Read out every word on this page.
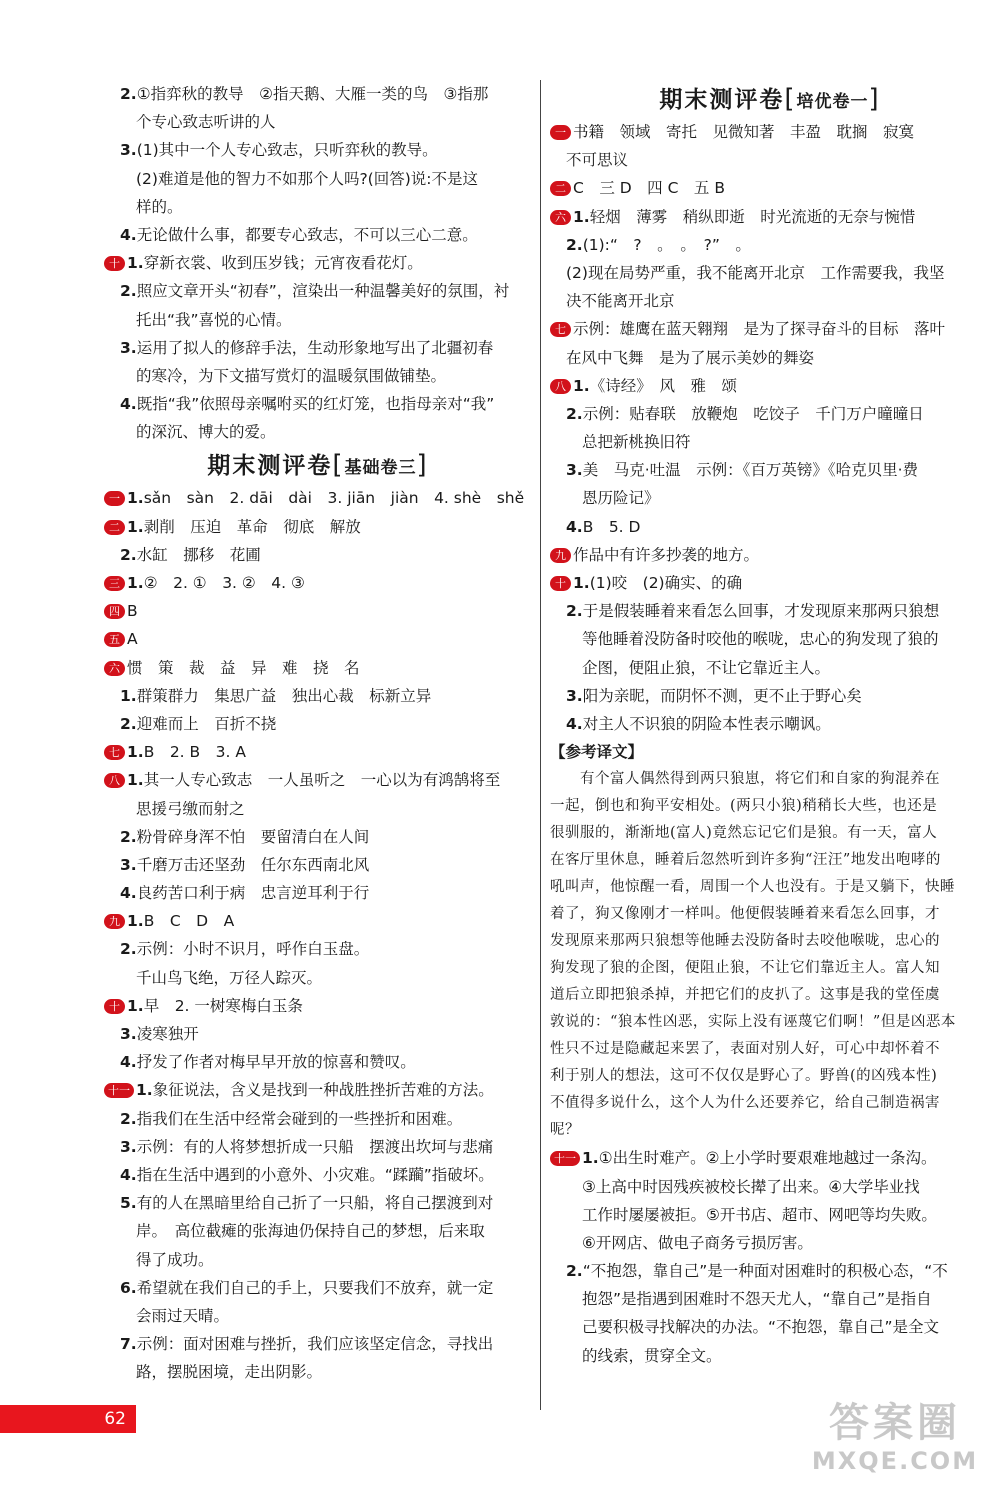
2.①指弈秋的教导　②指天鹅、大雁一类的鸟　③指那
个专心致志听讲的人
3.(1)其中一个人专心致志，只听弈秋的教导。
(2)难道是他的智力不如那个人吗?(回答)说:不是这
样的。
4.无论做什么事，都要专心致志，不可以三心二意。
十 1.穿新衣裳、收到压岁钱；元宵夜看花灯。
2.照应文章开头“初春”，渲染出一种温馨美好的氛围，衬
托出“我”喜悦的心情。
3.运用了拟人的修辞手法，生动形象地写出了北疆初春
的寒冷，为下文描写赏灯的温暖氛围做铺垫。
4.既指“我”依照母亲嘱咐买的红灯笼，也指母亲对“我”
的深沉、博大的爱。
期末测评卷[基础卷三]
一 1.sǎn　sàn　2. dāi　dài　3. jiān　jiàn　4. shè　shě
二 1.剥削　压迫　革命　彻底　解放
2.水缸　挪移　花圃
三 1.②　2. ①　3. ②　4. ③
四 B
五 A
六 惯　策　裁　益　异　难　挠　名
1.群策群力　集思广益　独出心裁　标新立异
2.迎难而上　百折不挠
七 1.B　2. B　3. A
八 1.其一人专心致志　一人虽听之　一心以为有鸿鹄将至
思援弓缴而射之
2.粉骨碎身浑不怕　要留清白在人间
3.千磨万击还坚劲　任尔东西南北风
4.良药苦口利于病　忠言逆耳利于行
九 1.B　C　D　A
2.示例：小时不识月，呼作白玉盘。
千山鸟飞绝，万径人踪灭。
十 1.早　2. 一树寒梅白玉条
3.凌寒独开
4.抒发了作者对梅早早开放的惊喜和赞叹。
十一 1.象征说法，含义是找到一种战胜挫折苦难的方法。
2.指我们在生活中经常会碰到的一些挫折和困难。
3.示例：有的人将梦想折成一只船　摆渡出坎坷与悲痛
4.指在生活中遇到的小意外、小灾难。“蹂躏”指破坏。
5.有的人在黑暗里给自己折了一只船，将自己摆渡到对
岸。　高位截瘫的张海迪仍保持自己的梦想，后来取
得了成功。
6.希望就在我们自己的手上，只要我们不放弃，就一定
会雨过天晴。
7.示例：面对困难与挫折，我们应该坚定信念，寻找出
路，摆脱困境，走出阴影。
期末测评卷[培优卷一]
一 书籍　领域　寄托　见微知著　丰盈　耽搁　寂寞
不可思议
二 C　三 D　四 C　五 B
六 1.轻烟　薄雾　稍纵即逝　时光流逝的无奈与惋惜
2.(1):“　?　。　。　?”　。
(2)现在局势严重，我不能离开北京　工作需要我，我坚
决不能离开北京
七 示例：雄鹰在蓝天翱翔　是为了探寻奋斗的目标　落叶
在风中飞舞　是为了展示美妙的舞姿
八 1.《诗经》　风　雅　颂
2.示例：贴春联　放鞭炮　吃饺子　千门万户曈曈日
总把新桃换旧符
3.美　马克·吐温　示例：《百万英镑》《哈克贝里·费
恩历险记》
4.B　5. D
九 作品中有许多抄袭的地方。
十 1.(1)咬　(2)确实、的确
2.于是假装睡着来看怎么回事，才发现原来那两只狼想
等他睡着没防备时咬他的喉咙，忠心的狗发现了狼的
企图，便阻止狼，不让它靠近主人。
3.阳为亲昵，而阴怀不测，更不止于野心矣
4.对主人不识狼的阴险本性表示嘲讽。
【参考译文】
　　有个富人偶然得到两只狼崽，将它们和自家的狗混养在
一起，倒也和狗平安相处。(两只小狼)稍稍长大些，也还是
很驯服的，渐渐地(富人)竟然忘记它们是狼。有一天，富人
在客厅里休息，睡着后忽然听到许多狗“汪汪”地发出咆哮的
吼叫声，他惊醒一看，周围一个人也没有。于是又躺下，快睡
着了，狗又像刚才一样叫。他便假装睡着来看怎么回事，才
发现原来那两只狼想等他睡去没防备时去咬他喉咙，忠心的
狗发现了狼的企图，便阻止狼，不让它们靠近主人。富人知
道后立即把狼杀掉，并把它们的皮扒了。这事是我的堂侄虞
敦说的：“狼本性凶恶，实际上没有诬蔑它们啊！”但是凶恶本
性只不过是隐藏起来罢了，表面对别人好，可心中却怀着不
利于别人的想法，这可不仅仅是野心了。野兽(的凶残本性)
不值得多说什么，这个人为什么还要养它，给自己制造祸害
呢？
十一 1.①出生时难产。②上小学时要艰难地越过一条沟。
③上高中时因残疾被校长撵了出来。④大学毕业找
工作时屡屡被拒。⑤开书店、超市、网吧等均失败。
⑥开网店、做电子商务亏损厉害。
2.“不抱怨，靠自己”是一种面对困难时的积极心态，“不
抱怨”是指遇到困难时不怨天尤人，“靠自己”是指自
己要积极寻找解决的办法。“不抱怨，靠自己”是全文
的线索，贯穿全文。
62	答案圈
MXQE.COM
